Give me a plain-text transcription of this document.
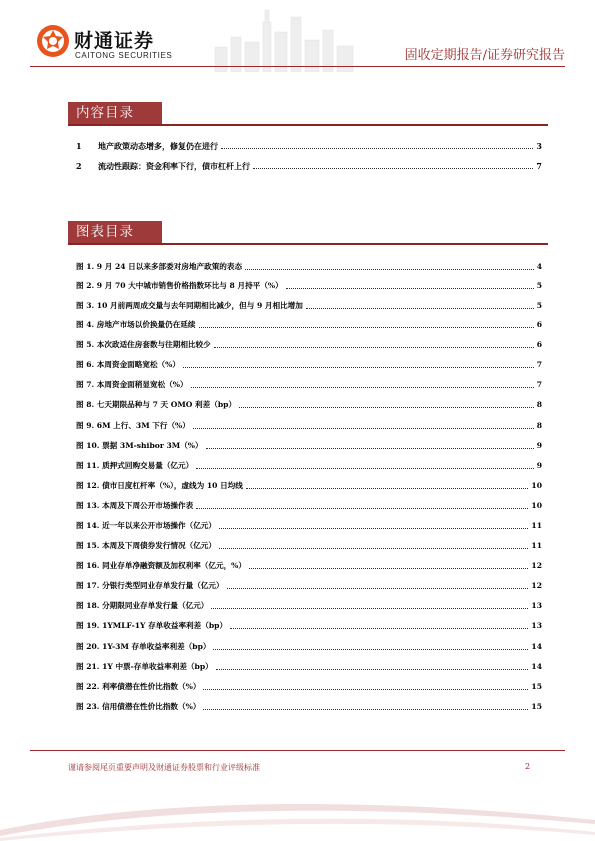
财通证券
CAITONG SECURITIES	固收定期报告/证券研究报告
内容目录
1	地产政策动态增多，修复仍在进行	3
2	流动性跟踪：资金利率下行，债市杠杆上行	7
图表目录
图 1. 9 月 24 日以来多部委对房地产政策的表态	4
图 2. 9 月 70 大中城市销售价格指数环比与 8 月持平（%）	5
图 3. 10 月前两周成交量与去年同期相比减少，但与 9 月相比增加	5
图 4. 房地产市场以价换量仍在延续	6
图 5. 本次政适住房套数与往期相比较少	6
图 6. 本周资金面略宽松（%）	7
图 7. 本周资金面稍显宽松（%）	7
图 8. 七天期限品种与 7 天 OMO 利差（bp）	8
图 9. 6M 上行、3M 下行（%）	8
图 10. 票据 3M-shibor 3M（%）	9
图 11. 质押式回购交易量（亿元）	9
图 12. 债市日度杠杆率（%），虚线为 10 日均线	10
图 13. 本周及下周公开市场操作表	10
图 14. 近一年以来公开市场操作（亿元）	11
图 15. 本周及下周债券发行情况（亿元）	11
图 16. 同业存单净融资额及加权利率（亿元，%）	12
图 17. 分银行类型同业存单发行量（亿元）	12
图 18. 分期限同业存单发行量（亿元）	13
图 19. 1YMLF-1Y 存单收益率利差（bp）	13
图 20. 1Y-3M 存单收益率利差（bp）	14
图 21. 1Y 中票-存单收益率利差（bp）	14
图 22. 利率债潜在性价比指数（%）	15
图 23. 信用债潜在性价比指数（%）	15
谨请参阅尾页重要声明及财通证券股票和行业评级标准	2
